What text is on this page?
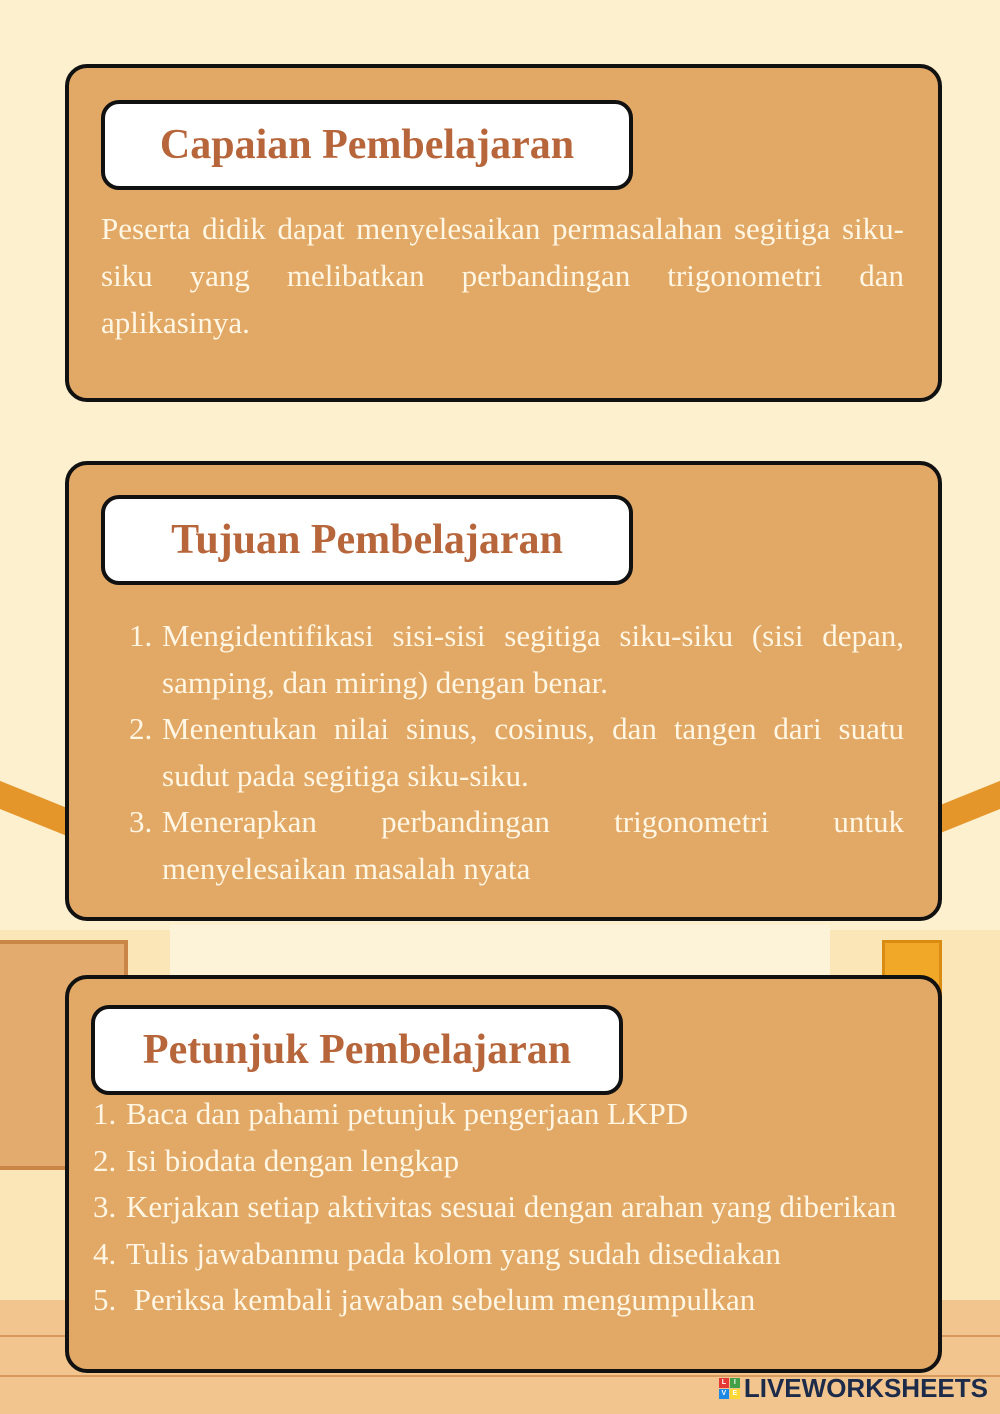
Capaian Pembelajaran

Peserta didik dapat menyelesaikan permasalahan segitiga siku-siku yang melibatkan perbandingan trigonometri dan aplikasinya.

Tujuan Pembelajaran
1. Mengidentifikasi sisi-sisi segitiga siku-siku (sisi depan, samping, dan miring) dengan benar.
2. Menentukan nilai sinus, cosinus, dan tangen dari suatu sudut pada segitiga siku-siku.
3. Menerapkan perbandingan trigonometri untuk menyelesaikan masalah nyata
Petunjuk Pembelajaran
1. Baca dan pahami petunjuk pengerjaan LKPD
2. Isi biodata dengan lengkap
3. Kerjakan setiap aktivitas sesuai dengan arahan yang diberikan
4. Tulis jawabanmu pada kolom yang sudah disediakan
5. Periksa kembali jawaban sebelum mengumpulkan
L	I
V E LIVEWORKSHEETS
